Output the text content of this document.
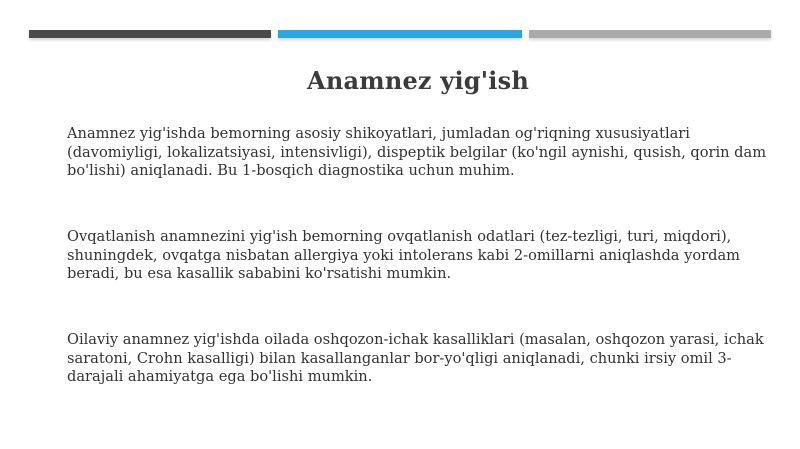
Anamnez yig'ish

Anamnez yig'ishda bemorning asosiy shikoyatlari, jumladan og'riqning xususiyatlari (davomiyligi, lokalizatsiyasi, intensivligi), dispeptik belgilar (ko'ngil aynishi, qusish, qorin dam bo'lishi) aniqlanadi. Bu 1-bosqich diagnostika uchun muhim.

Ovqatlanish anamnezini yig'ish bemorning ovqatlanish odatlari (tez-tezligi, turi, miqdori), shuningdek, ovqatga nisbatan allergiya yoki intolerans kabi 2-omillarni aniqlashda yordam beradi, bu esa kasallik sababini ko'rsatishi mumkin.

Oilaviy anamnez yig'ishda oilada oshqozon-ichak kasalliklari (masalan, oshqozon yarasi, ichak saratoni, Crohn kasalligi) bilan kasallanganlar bor-yo'qligi aniqlanadi, chunki irsiy omil 3-darajali ahamiyatga ega bo'lishi mumkin.
